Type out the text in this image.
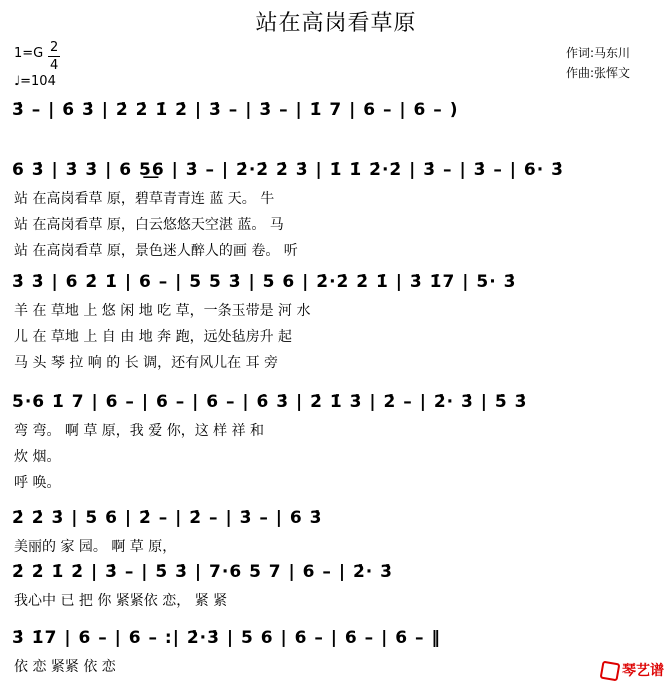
站在高岗看草原
1=G 2
4
♩=104
作词:马东川
作曲:张恽文
3̇ – | 6̇ 3̇ | 2̇ 2̇ 1̇ 2̇ | 3̇ – | 3̇ – | 1̇ 7 | 6 – | 6 – )
6 3̇ | 3̇ 3̇ | 6 5͟6 | 3̇ – | 2̇·2̇ 2̇ 3̇ | 1̇ 1̇ 2̇·2̇ | 3̇ – | 3̇ – | 6· 3̇
站 在高岗看草 原，碧草青青连 蓝 天。 牛
站 在高岗看草 原，白云悠悠天空湛 蓝。 马
站 在高岗看草 原，景色迷人醉人的画 卷。 听
3̇ 3̇ | 6 2̇ 1̇ | 6 – | 5 5 3̇ | 5 6 | 2̇·2̇ 2̇ 1̇ | 3̇ 1̇7 | 5· 3̇
羊 在 草地 上 悠 闲 地 吃 草，一条玉带是 河 水
儿 在 草地 上 自 由 地 奔 跑，远处毡房升 起
马 头 琴 拉 响 的 长 调，还有风儿在 耳 旁
5·6 1̇ 7 | 6 – | 6 – | 6 – | 6̇ 3̇ | 2̇ 1̇ 3̇ | 2̇ – | 2̇· 3̇ | 5̇ 3̇
弯 弯。 啊 草 原，我 爱 你，这 样 祥 和
炊 烟。
呼 唤。
2̇ 2̇ 3̇ | 5 6 | 2̇ – | 2̇ – | 3̇ – | 6 3̇
美丽的 家 园。 啊 草 原，
2̇ 2̇ 1̇ 2̇ | 3̇ – | 5̇ 3̇ | 7·6 5 7 | 6 – | 2̇· 3̇
我心中 已 把 你 紧紧依 恋， 紧 紧
3̇ 1̇7 | 6 – | 6 – :| 2̇·3̇ | 5 6 | 6 – | 6 – | 6 – ‖
依 恋 紧紧 依 恋	琴艺谱
